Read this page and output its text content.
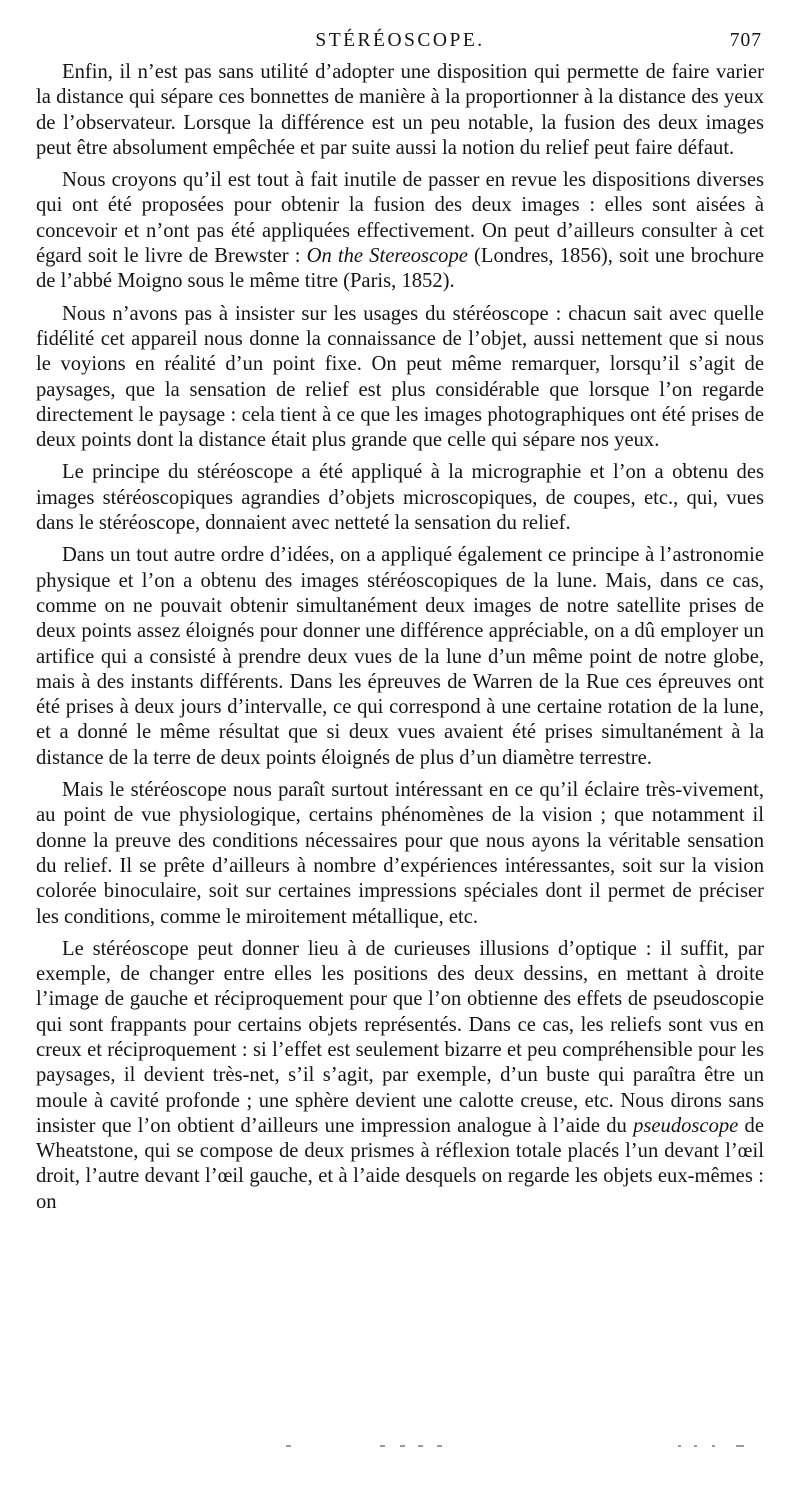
STÉRÉOSCOPE.	707

Enfin, il n’est pas sans utilité d’adopter une disposition qui permette de faire varier la distance qui sépare ces bonnettes de manière à la proportionner à la distance des yeux de l’observateur. Lorsque la différence est un peu notable, la fusion des deux images peut être absolument empêchée et par suite aussi la notion du relief peut faire défaut.

Nous croyons qu’il est tout à fait inutile de passer en revue les dispositions diverses qui ont été proposées pour obtenir la fusion des deux images : elles sont aisées à concevoir et n’ont pas été appliquées effectivement. On peut d’ailleurs consulter à cet égard soit le livre de Brewster : On the Stereoscope (Londres, 1856), soit une brochure de l’abbé Moigno sous le même titre (Paris, 1852).

Nous n’avons pas à insister sur les usages du stéréoscope : chacun sait avec quelle fidélité cet appareil nous donne la connaissance de l’objet, aussi nettement que si nous le voyions en réalité d’un point fixe. On peut même remarquer, lorsqu’il s’agit de paysages, que la sensation de relief est plus considérable que lorsque l’on regarde directement le paysage : cela tient à ce que les images photographiques ont été prises de deux points dont la distance était plus grande que celle qui sépare nos yeux.

Le principe du stéréoscope a été appliqué à la micrographie et l’on a obtenu des images stéréoscopiques agrandies d’objets microscopiques, de coupes, etc., qui, vues dans le stéréoscope, donnaient avec netteté la sensation du relief.

Dans un tout autre ordre d’idées, on a appliqué également ce principe à l’astronomie physique et l’on a obtenu des images stéréoscopiques de la lune. Mais, dans ce cas, comme on ne pouvait obtenir simultanément deux images de notre satellite prises de deux points assez éloignés pour donner une différence appréciable, on a dû employer un artifice qui a consisté à prendre deux vues de la lune d’un même point de notre globe, mais à des instants différents. Dans les épreuves de Warren de la Rue ces épreuves ont été prises à deux jours d’intervalle, ce qui correspond à une certaine rotation de la lune, et a donné le même résultat que si deux vues avaient été prises simultanément à la distance de la terre de deux points éloignés de plus d’un diamètre terrestre.

Mais le stéréoscope nous paraît surtout intéressant en ce qu’il éclaire très-vivement, au point de vue physiologique, certains phénomènes de la vision ; que notamment il donne la preuve des conditions nécessaires pour que nous ayons la véritable sensation du relief. Il se prête d’ailleurs à nombre d’expériences intéressantes, soit sur la vision colorée binoculaire, soit sur certaines impressions spéciales dont il permet de préciser les conditions, comme le miroitement métallique, etc.

Le stéréoscope peut donner lieu à de curieuses illusions d’optique : il suffit, par exemple, de changer entre elles les positions des deux dessins, en mettant à droite l’image de gauche et réciproquement pour que l’on obtienne des effets de pseudoscopie qui sont frappants pour certains objets représentés. Dans ce cas, les reliefs sont vus en creux et réciproquement : si l’effet est seulement bizarre et peu compréhensible pour les paysages, il devient très-net, s’il s’agit, par exemple, d’un buste qui paraîtra être un moule à cavité profonde ; une sphère devient une calotte creuse, etc. Nous dirons sans insister que l’on obtient d’ailleurs une impression analogue à l’aide du pseudoscope de Wheatstone, qui se compose de deux prismes à réflexion totale placés l’un devant l’œil droit, l’autre devant l’œil gauche, et à l’aide desquels on regarde les objets eux-mêmes : on
